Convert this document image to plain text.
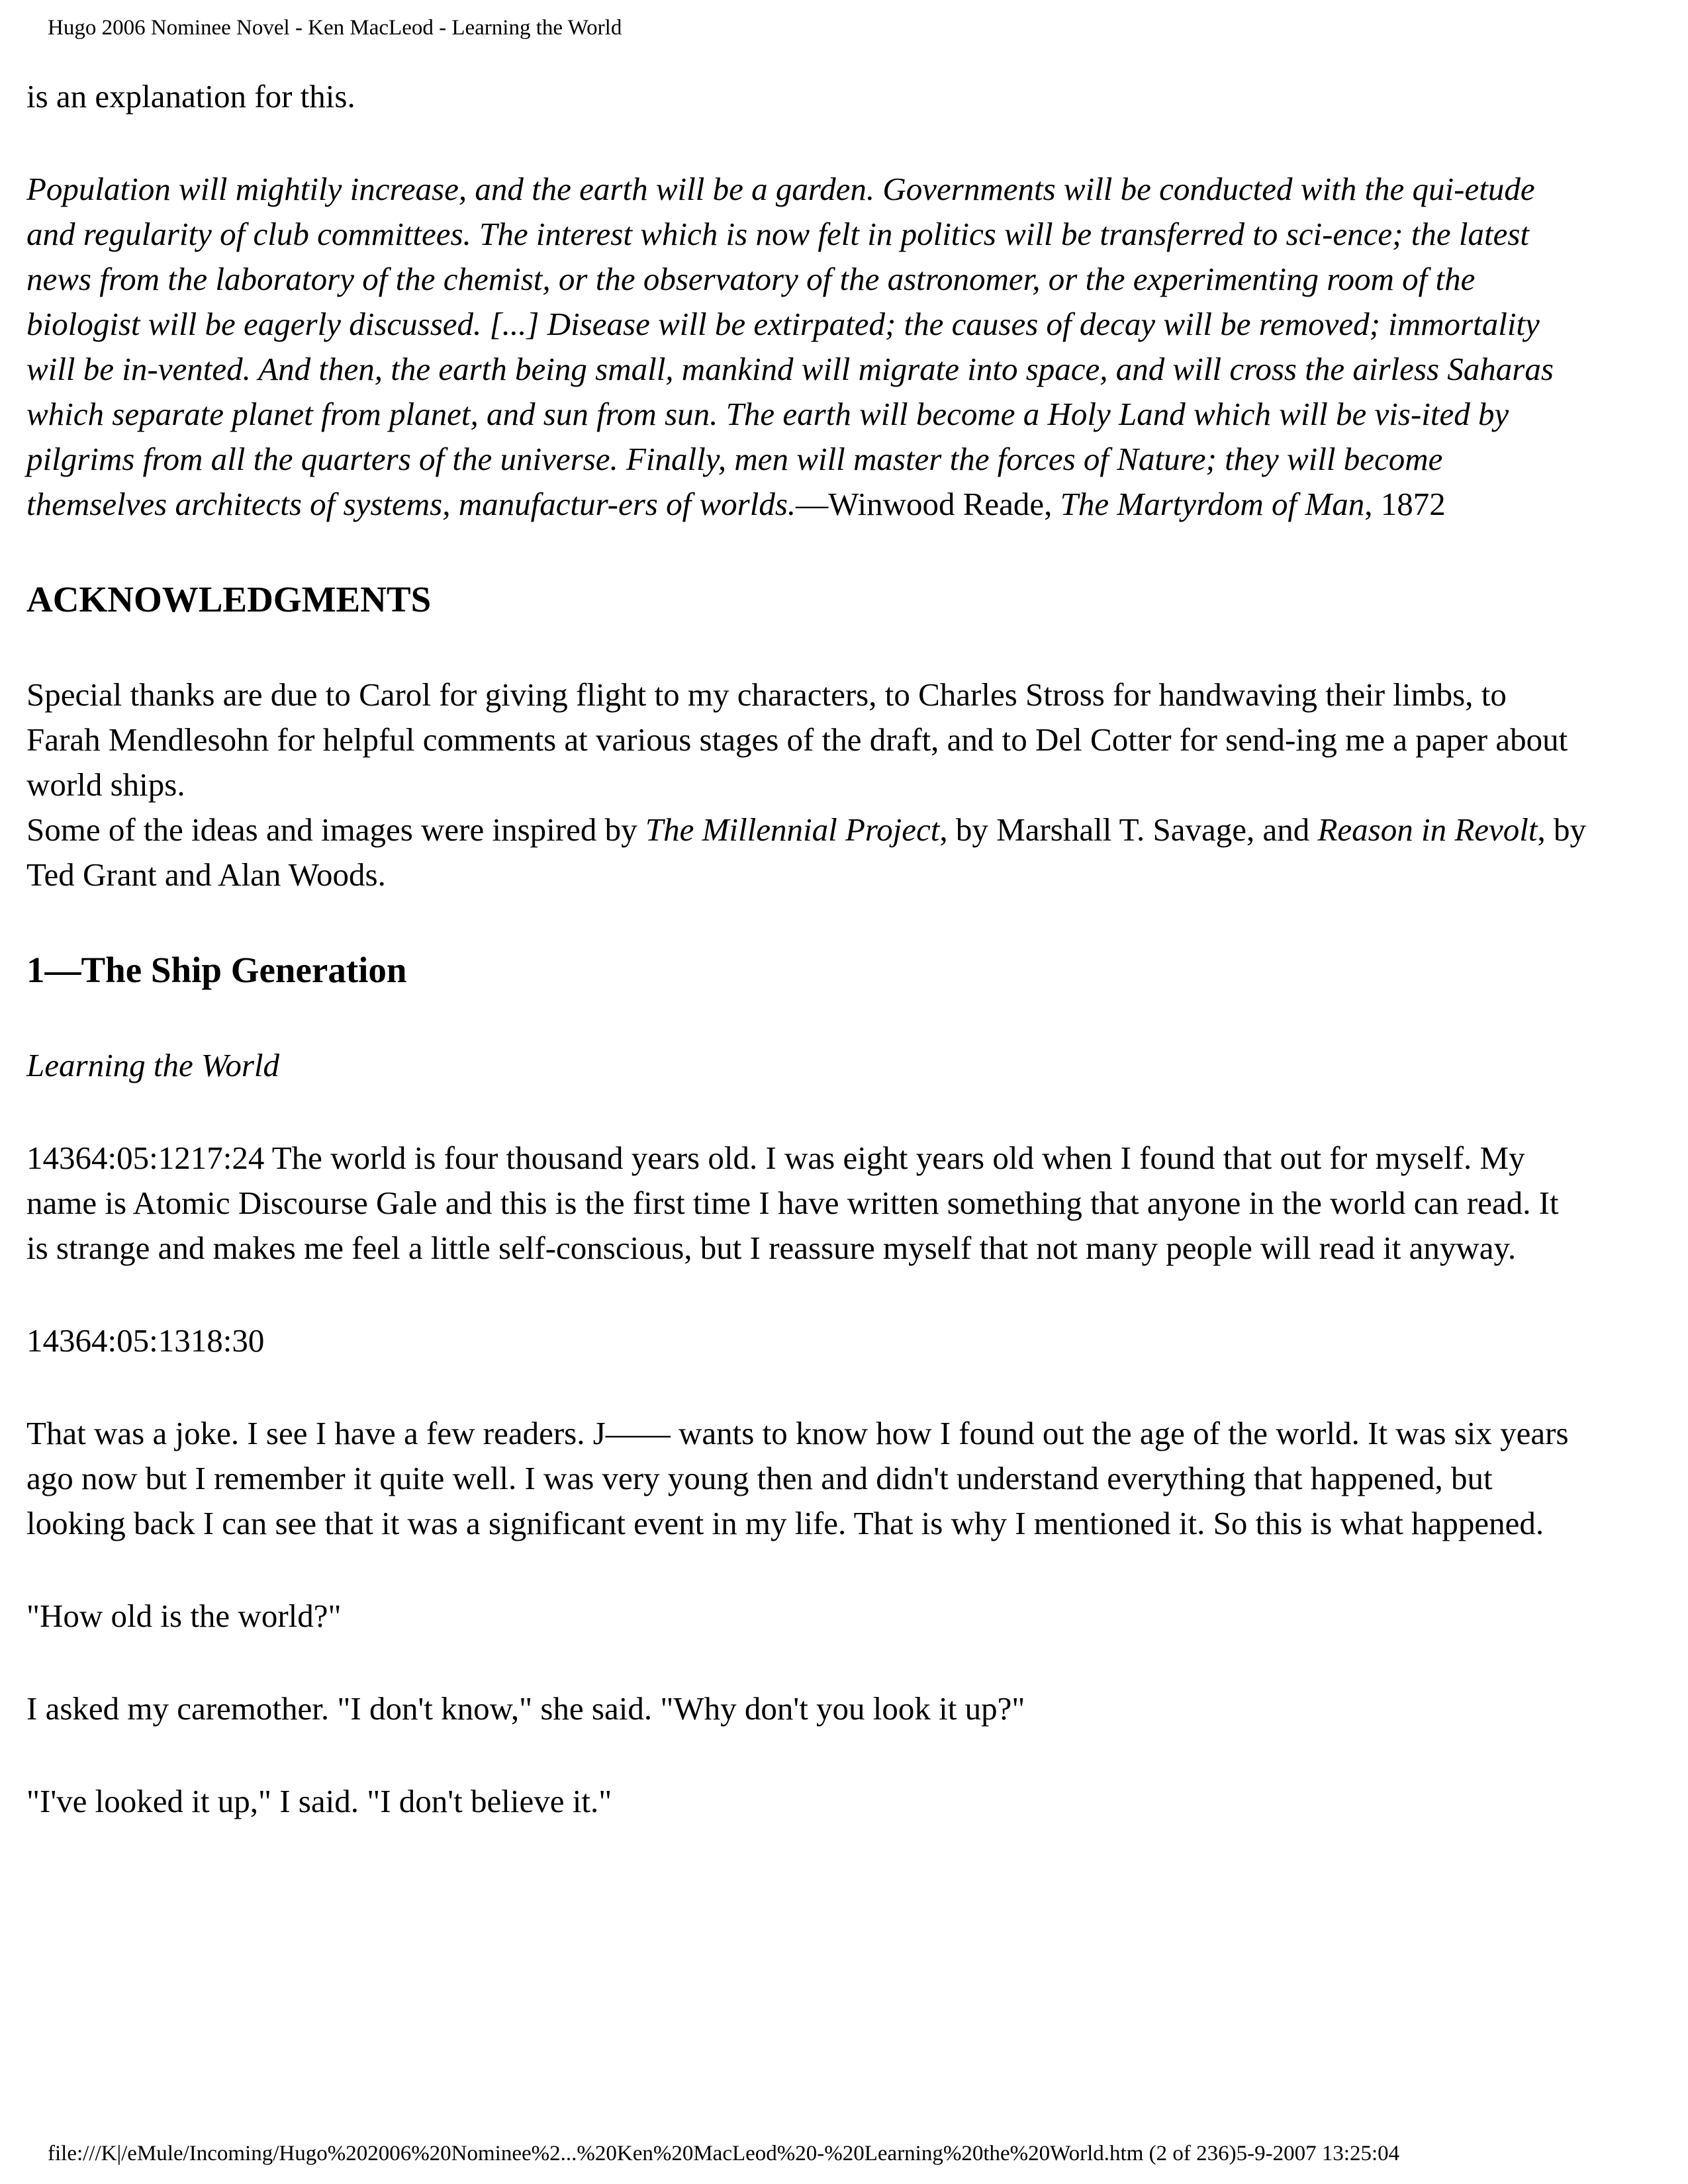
Hugo 2006 Nominee Novel - Ken MacLeod - Learning the World

is an explanation for this.

Population will mightily increase, and the earth will be a garden. Governments will be conducted with the qui-etude and regularity of club committees. The interest which is now felt in politics will be transferred to sci-ence; the latest news from the laboratory of the chemist, or the observatory of the astronomer, or the experimenting room of the biologist will be eagerly discussed. [...] Disease will be extirpated; the causes of decay will be removed; immortality will be in-vented. And then, the earth being small, mankind will migrate into space, and will cross the airless Saharas which separate planet from planet, and sun from sun. The earth will become a Holy Land which will be vis-ited by pilgrims from all the quarters of the universe. Finally, men will master the forces of Nature; they will become themselves architects of systems, manufactur-ers of worlds.—Winwood Reade, The Martyrdom of Man, 1872

ACKNOWLEDGMENTS

Special thanks are due to Carol for giving flight to my characters, to Charles Stross for handwaving their limbs, to Farah Mendlesohn for helpful comments at various stages of the draft, and to Del Cotter for send-ing me a paper about world ships.
Some of the ideas and images were inspired by The Millennial Project, by Marshall T. Savage, and Reason in Revolt, by Ted Grant and Alan Woods.

1—The Ship Generation

Learning the World

14364:05:1217:24 The world is four thousand years old. I was eight years old when I found that out for myself. My name is Atomic Discourse Gale and this is the first time I have written something that anyone in the world can read. It is strange and makes me feel a little self-conscious, but I reassure myself that not many people will read it anyway.

14364:05:1318:30

That was a joke. I see I have a few readers. J—— wants to know how I found out the age of the world. It was six years ago now but I remember it quite well. I was very young then and didn't understand everything that happened, but looking back I can see that it was a significant event in my life. That is why I mentioned it. So this is what happened.

"How old is the world?"

I asked my caremother. "I don't know," she said. "Why don't you look it up?"

"I've looked it up," I said. "I don't believe it."

file:///K|/eMule/Incoming/Hugo%202006%20Nominee%2...%20Ken%20MacLeod%20-%20Learning%20the%20World.htm (2 of 236)5-9-2007 13:25:04
